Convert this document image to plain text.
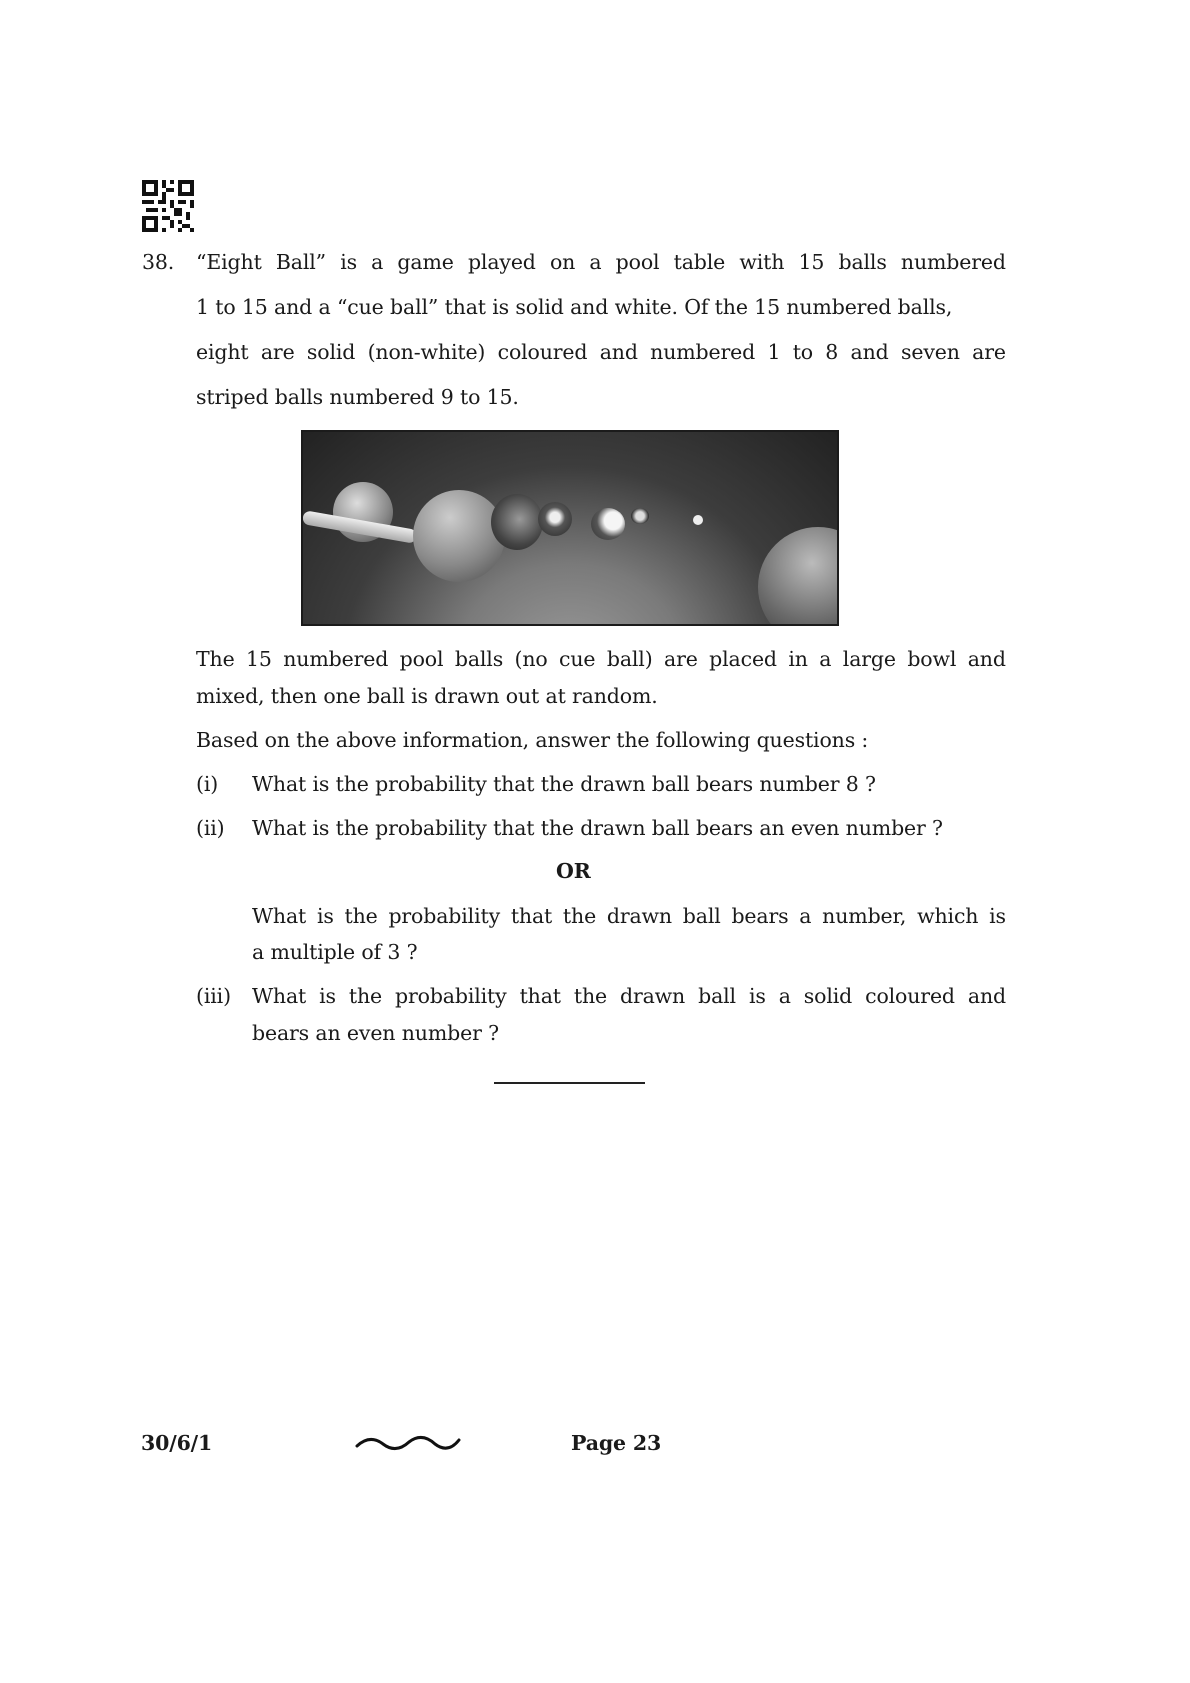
38. “Eight Ball” is a game played on a pool table with 15 balls numbered
1 to 15 and a “cue ball” that is solid and white. Of the 15 numbered balls,
eight are solid (non-white) coloured and numbered 1 to 8 and seven are
striped balls numbered 9 to 15.
The 15 numbered pool balls (no cue ball) are placed in a large bowl and
mixed, then one ball is drawn out at random.
Based on the above information, answer the following questions :
(i) What is the probability that the drawn ball bears number 8 ?
(ii) What is the probability that the drawn ball bears an even number ?
OR
What is the probability that the drawn ball bears a number, which is
a multiple of 3 ?
(iii) What is the probability that the drawn ball is a solid coloured and
bears an even number ?
30/6/1	Page 23
